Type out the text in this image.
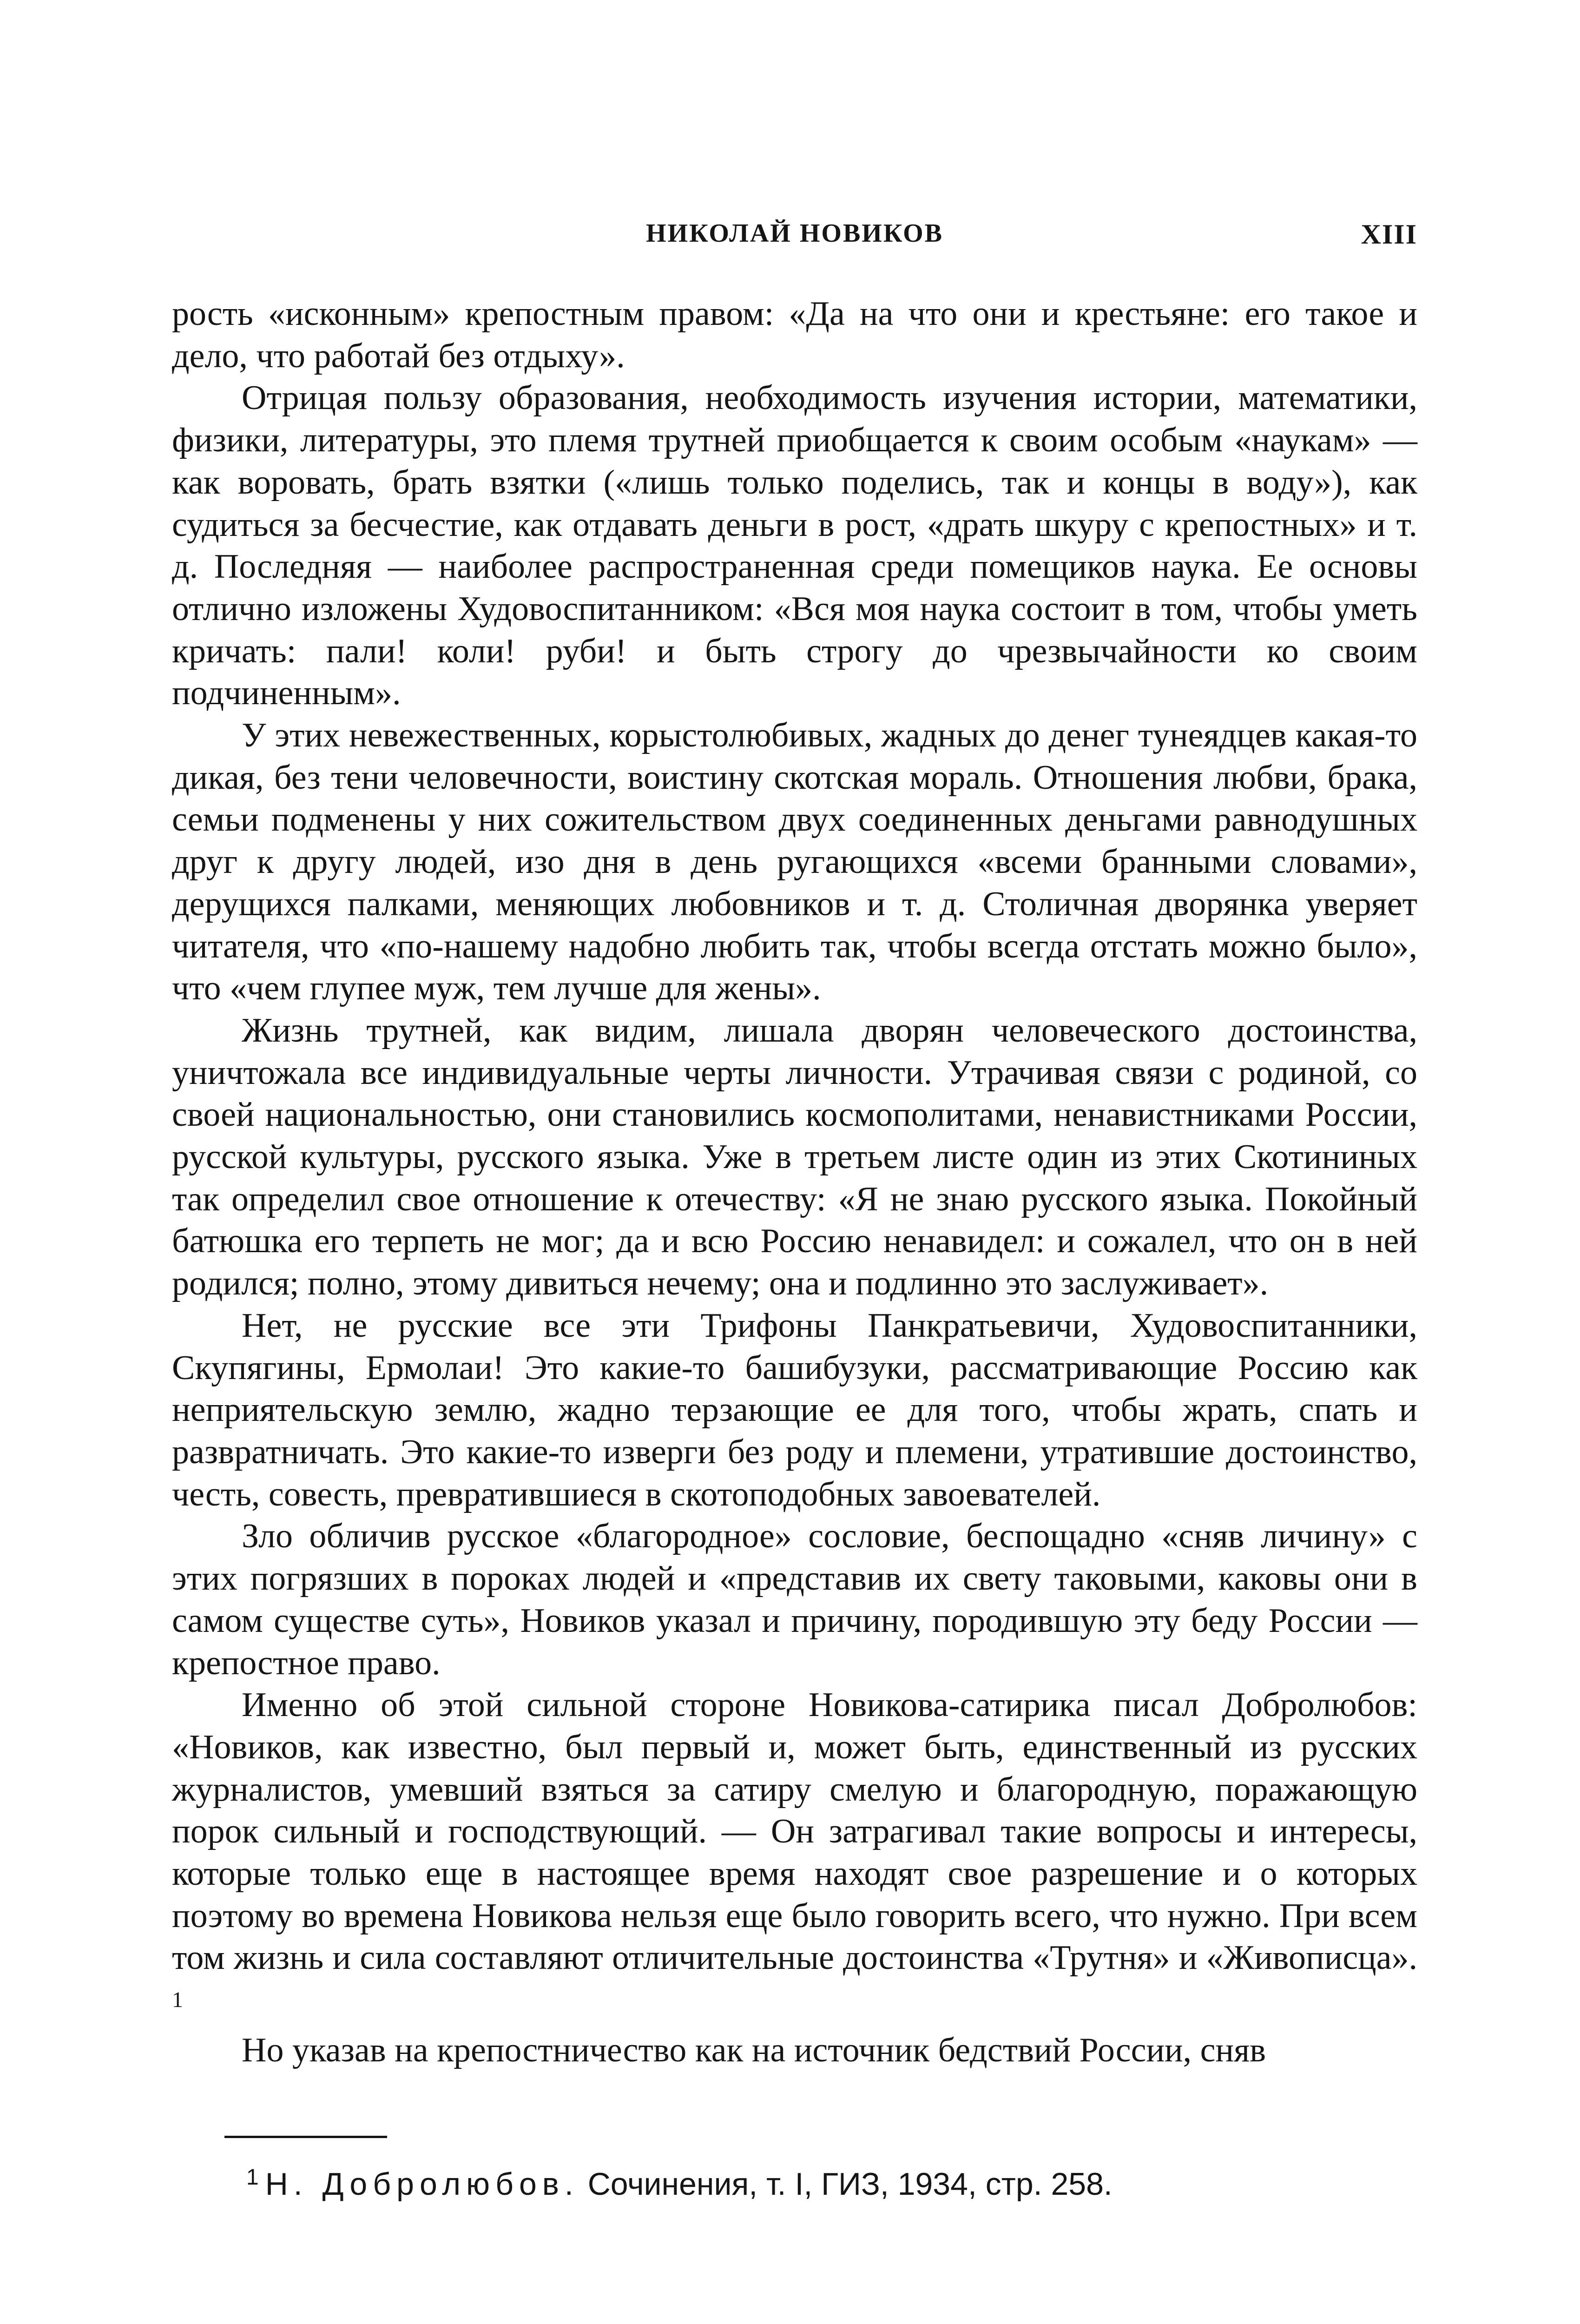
НИКОЛАЙ НОВИКОВ	XIII

рость «исконным» крепостным правом: «Да на что они и крестьяне: его такое и дело, что работай без отдыху».

Отрицая пользу образования, необходимость изучения истории, математики, физики, литературы, это племя трутней приобщается к своим особым «наукам» — как воровать, брать взятки («лишь только поделись, так и концы в воду»), как судиться за бесчестие, как отдавать деньги в рост, «драть шкуру с крепостных» и т. д. Последняя — наиболее распространенная среди помещиков наука. Ее основы отлично изложены Худовоспитанником: «Вся моя наука состоит в том, чтобы уметь кричать: пали! коли! руби! и быть строгу до чрезвычайности ко своим подчиненным».

У этих невежественных, корыстолюбивых, жадных до денег тунеядцев какая-то дикая, без тени человечности, воистину скотская мораль. Отношения любви, брака, семьи подменены у них сожительством двух соединенных деньгами равнодушных друг к другу людей, изо дня в день ругающихся «всеми бранными словами», дерущихся палками, меняющих любовников и т. д. Столичная дворянка уверяет читателя, что «по-нашему надобно любить так, чтобы всегда отстать можно было», что «чем глупее муж, тем лучше для жены».

Жизнь трутней, как видим, лишала дворян человеческого достоинства, уничтожала все индивидуальные черты личности. Утрачивая связи с родиной, со своей национальностью, они становились космополитами, ненавистниками России, русской культуры, русского языка. Уже в третьем листе один из этих Скотининых так определил свое отношение к отечеству: «Я не знаю русского языка. Покойный батюшка его терпеть не мог; да и всю Россию ненавидел: и сожалел, что он в ней родился; полно, этому дивиться нечему; она и подлинно это заслуживает».

Нет, не русские все эти Трифоны Панкратьевичи, Худовоспитанники, Скупягины, Ермолаи! Это какие-то башибузуки, рассматривающие Россию как неприятельскую землю, жадно терзающие ее для того, чтобы жрать, спать и развратничать. Это какие-то изверги без роду и племени, утратившие достоинство, честь, совесть, превратившиеся в скотоподобных завоевателей.

Зло обличив русское «благородное» сословие, беспощадно «сняв личину» с этих погрязших в пороках людей и «представив их свету таковыми, каковы они в самом существе суть», Новиков указал и причину, породившую эту беду России — крепостное право.

Именно об этой сильной стороне Новикова-сатирика писал Добролюбов: «Новиков, как известно, был первый и, может быть, единственный из русских журналистов, умевший взяться за сатиру смелую и благородную, поражающую порок сильный и господствующий. — Он затрагивал такие вопросы и интересы, которые только еще в настоящее время находят свое разрешение и о которых поэтому во времена Новикова нельзя еще было говорить всего, что нужно. При всем том жизнь и сила составляют отличительные достоинства «Трутня» и «Живописца». $^1$

Но указав на крепостничество как на источник бедствий России, сняв

$^1$ Н. Добролюбов. Сочинения, т. I, ГИЗ, 1934, стр. 258.
